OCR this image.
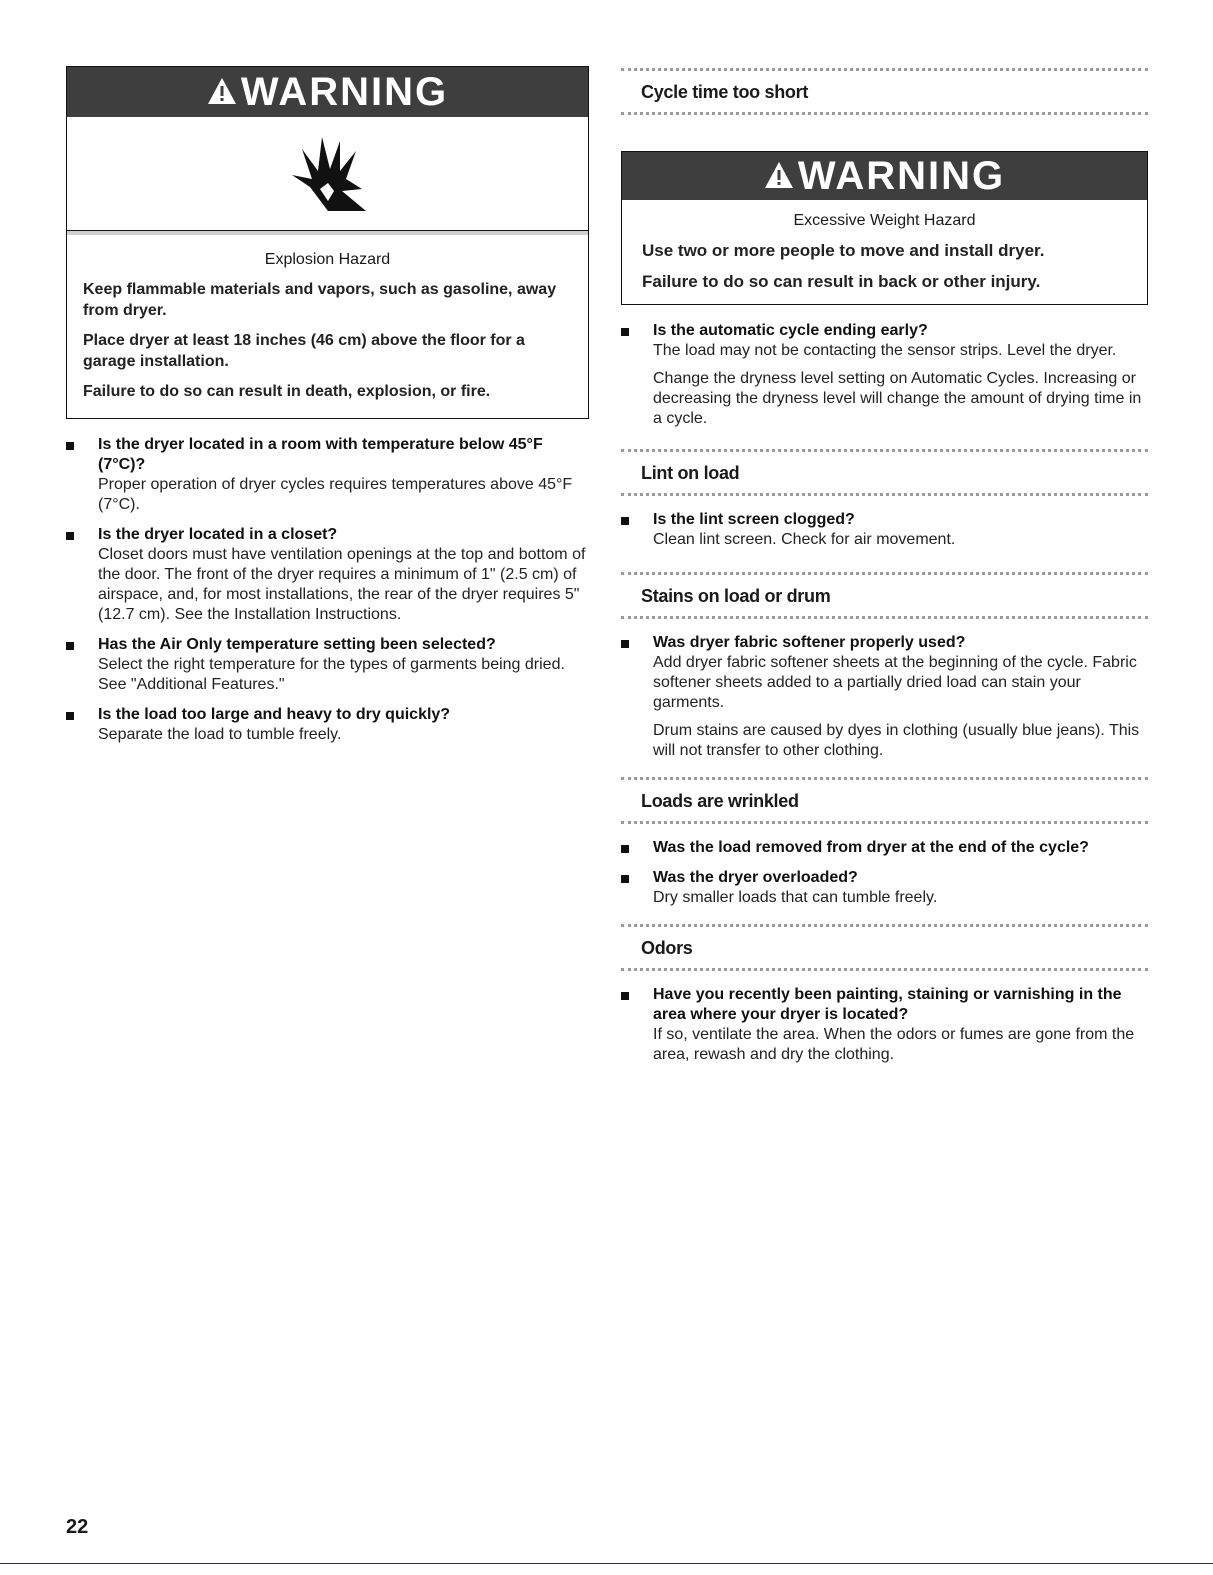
WARNING
Explosion Hazard

Keep flammable materials and vapors, such as gasoline, away from dryer.

Place dryer at least 18 inches (46 cm) above the floor for a garage installation.

Failure to do so can result in death, explosion, or fire.

Is the dryer located in a room with temperature below 45°F (7°C)?
Proper operation of dryer cycles requires temperatures above 45°F (7°C).
Is the dryer located in a closet?
Closet doors must have ventilation openings at the top and bottom of the door. The front of the dryer requires a minimum of 1" (2.5 cm) of airspace, and, for most installations, the rear of the dryer requires 5" (12.7 cm). See the Installation Instructions.
Has the Air Only temperature setting been selected?
Select the right temperature for the types of garments being dried. See "Additional Features."
Is the load too large and heavy to dry quickly?
Separate the load to tumble freely.
Cycle time too short
WARNING
Excessive Weight Hazard

Use two or more people to move and install dryer.

Failure to do so can result in back or other injury.

Is the automatic cycle ending early?
The load may not be contacting the sensor strips. Level the dryer.
Change the dryness level setting on Automatic Cycles. Increasing or decreasing the dryness level will change the amount of drying time in a cycle.
Lint on load
Is the lint screen clogged?
Clean lint screen. Check for air movement.
Stains on load or drum
Was dryer fabric softener properly used?
Add dryer fabric softener sheets at the beginning of the cycle. Fabric softener sheets added to a partially dried load can stain your garments.
Drum stains are caused by dyes in clothing (usually blue jeans). This will not transfer to other clothing.
Loads are wrinkled
Was the load removed from dryer at the end of the cycle?
Was the dryer overloaded?
Dry smaller loads that can tumble freely.
Odors
Have you recently been painting, staining or varnishing in the area where your dryer is located?
If so, ventilate the area. When the odors or fumes are gone from the area, rewash and dry the clothing.
22
